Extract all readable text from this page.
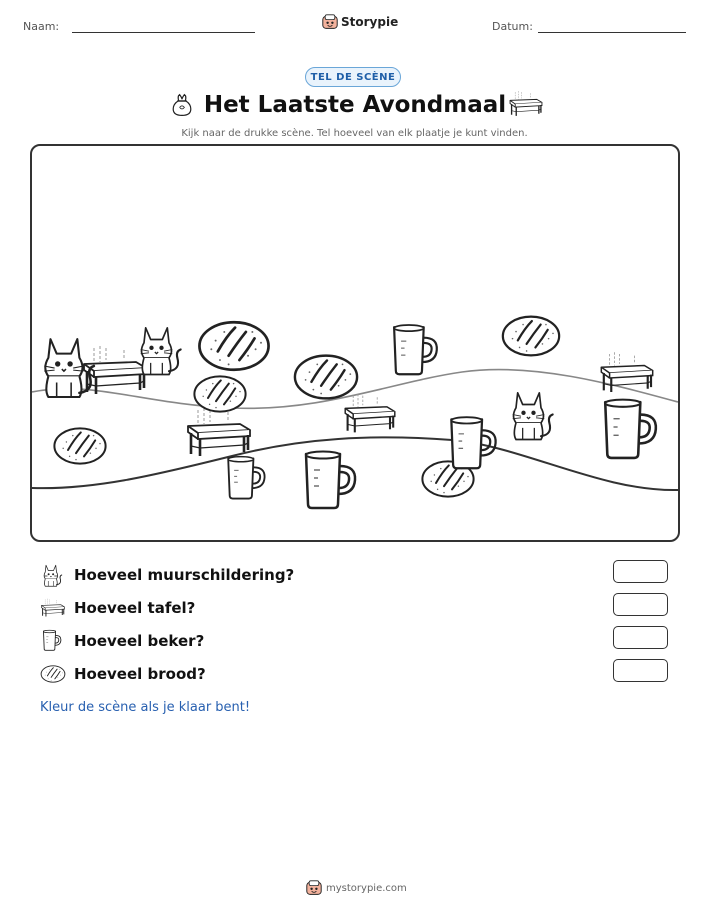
Naam:	Datum:
Storypie
TEL DE SCÈNE
Het Laatste Avondmaal
Kijk naar de drukke scène. Tel hoeveel van elk plaatje je kunt vinden.
Hoeveel muurschildering?
Hoeveel tafel?
Hoeveel beker?
Hoeveel brood?
Kleur de scène als je klaar bent!
mystorypie.com
